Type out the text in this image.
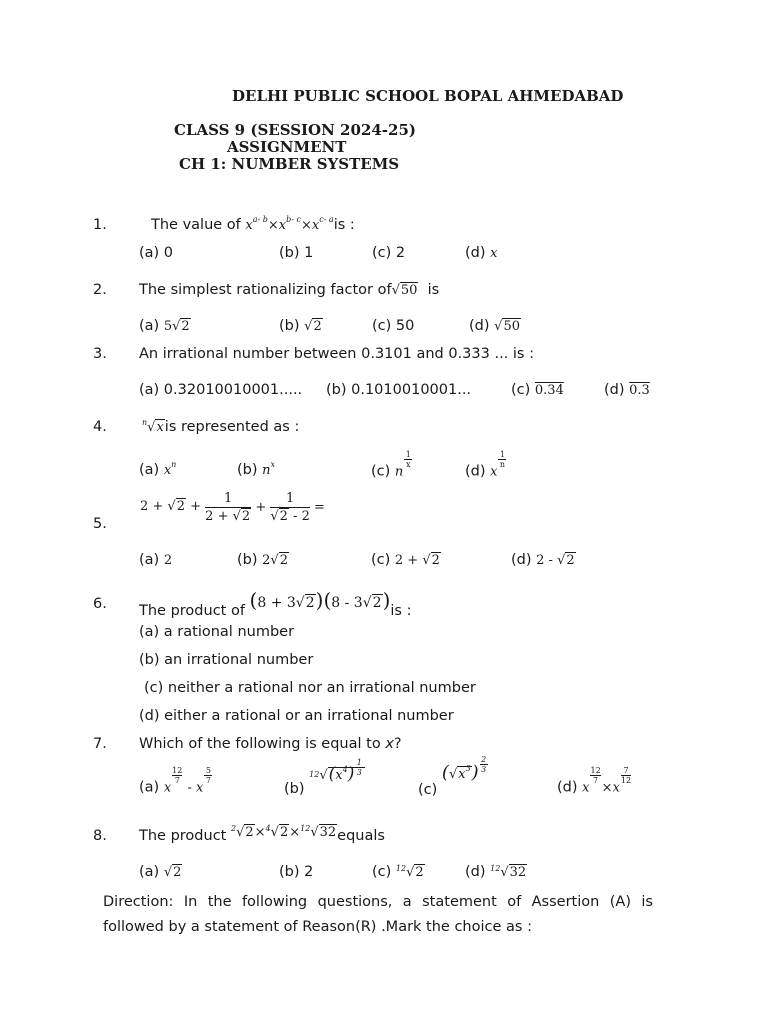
DELHI PUBLIC SCHOOL BOPAL AHMEDABAD
CLASS 9 (SESSION 2024-25)
ASSIGNMENT
CH 1: NUMBER SYSTEMS
1.	The value of $x^{a- b}\times x^{b- c}\times x^{c- a}is$ :
(a) 0	(b) 1	(c) 2	(d) x
2. The simplest rationalizing factor of√50 is
(a) 5√2	(b) √2	(c) 50	(d) √50
3. An irrational number between 0.3101 and 0.333 ... is :
(a) 0.32010010001..... (b) 0.1010010001...	(c) 0.34	(d) 0.3
4.	$^n$√xis represented as :
(a) $x^n$	(b) $n^x$	(c) n
$\frac{1}{x}$
(d) x
$\frac{1}{n}$
$2 + √2 + \frac{1}{2 + √2} + \frac{1}{√2 - 2}$ =
5.
(a) 2	(b) 2√2	(c) 2 + √2	(d) 2 - √2
6. The product of (8 + 3√2)(8 - 3√2)is :
(a) a rational number
(b) an irrational number
(c) neither a rational nor an irrational number
(d) either a rational or an irrational number
7. Which of the following is equal to x?
(a) x
$\frac{12}{7}$
- x
$\frac{5}{7}$
(b) $12√(x^4) \frac{1}{3}$
(c) $(√x^3) \frac{2}{3}$
(d) x
$\frac{12}{7}$
×x
$\frac{7}{12}$
8. The product $^2$√2×$^4$√2×$^{12}$√32equals
(a) √2	(b) 2	(c) $^{12}$√2	(d) $^{12}$√32
Direction: In the following questions, a statement of Assertion (A) is followed by a statement of Reason(R) .Mark the choice as :
